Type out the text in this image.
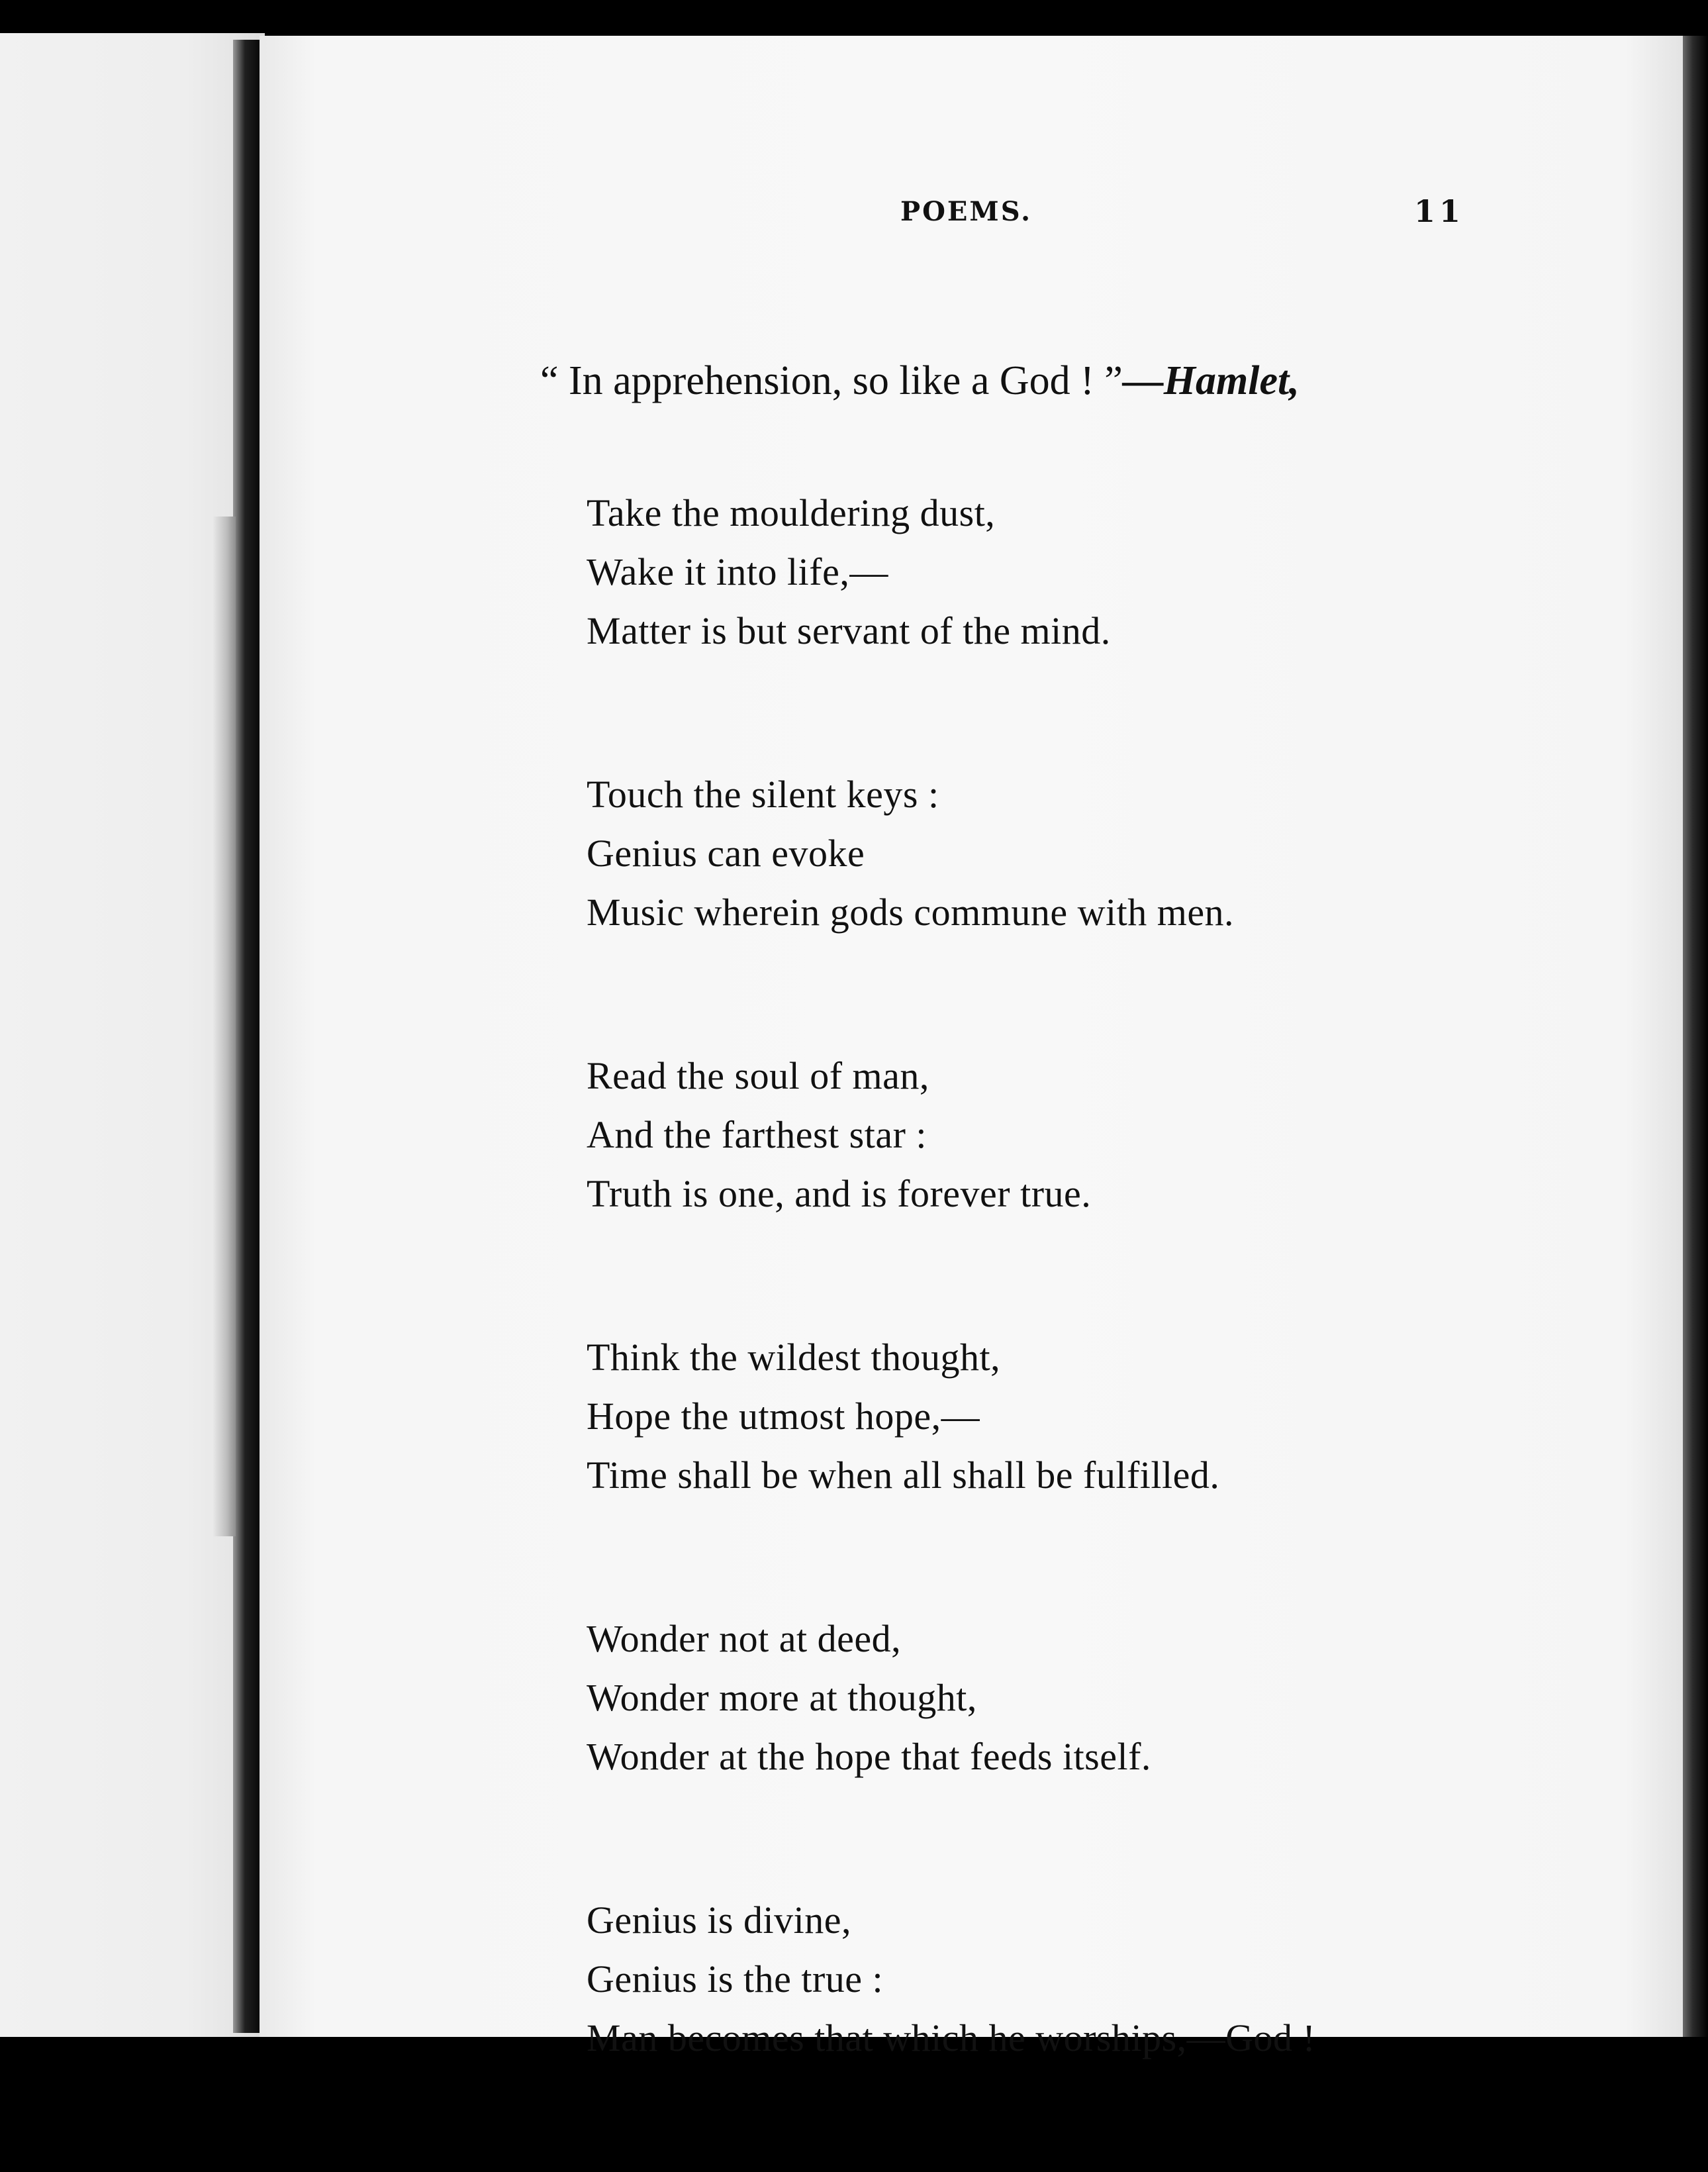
POEMS.	11
“ In apprehension, so like a God ! ”—Hamlet,
Take the mouldering dust,
Wake it into life,—
Matter is but servant of the mind.
Touch the silent keys :
Genius can evoke
Music wherein gods commune with men.
Read the soul of man,
And the farthest star :
Truth is one, and is forever true.
Think the wildest thought,
Hope the utmost hope,—
Time shall be when all shall be fulfilled.
Wonder not at deed,
Wonder more at thought,
Wonder at the hope that feeds itself.
Genius is divine,
Genius is the true :
Man becomes that which he worships,—God !
